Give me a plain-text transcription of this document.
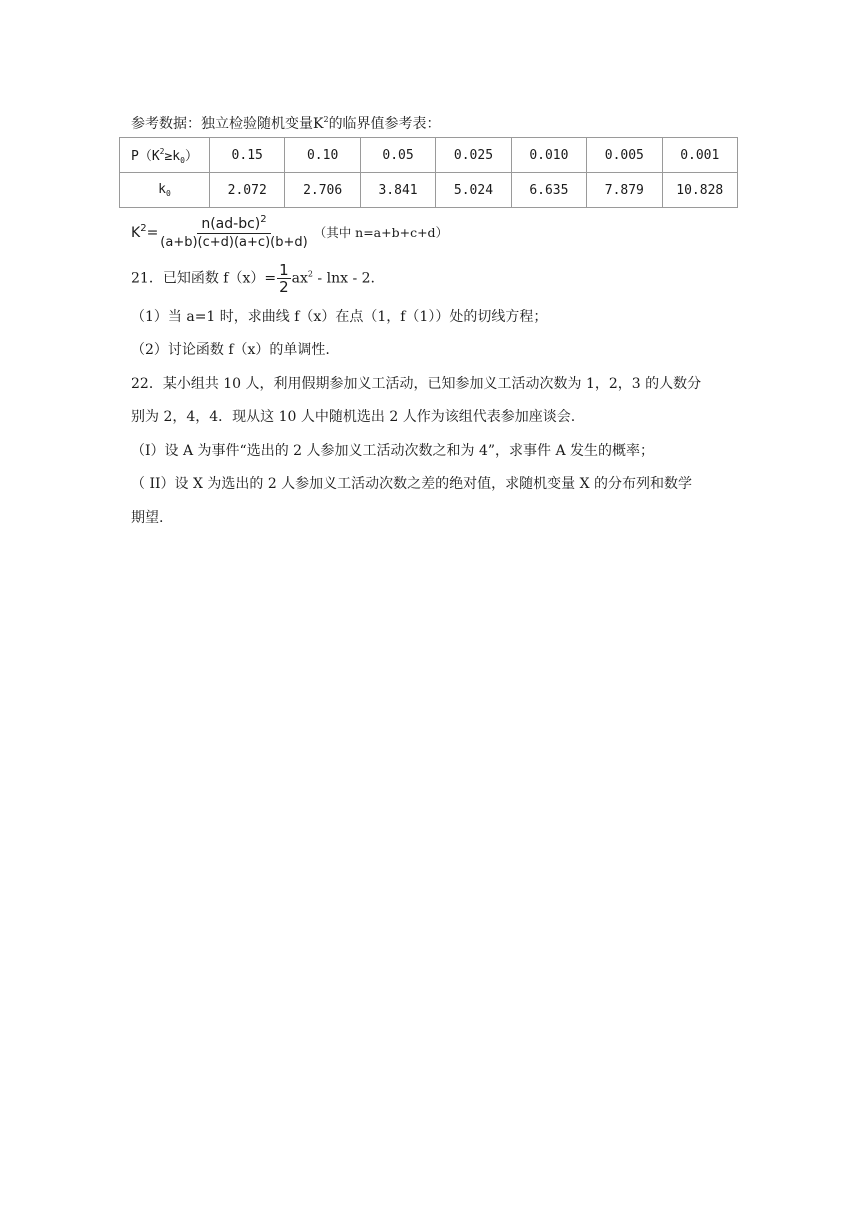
参考数据：独立检验随机变量$K^2$的临界值参考表：
$P(K^2\ge k_0)$	0.15	0.10	0.05	0.025	0.010	0.005	0.001
$k_0$	2.072	2.706	3.841	5.024	6.635	7.879	10.828
$K^2= \frac{n(ad-bc)^2}{(a+b)(c+d)(a+c)(b+d)}$ （其中 n=a+b+c+d）
21．已知函数 $f(x)= \frac{1}{2} ax^2 - \ln x - 2$.
（1）当 a=1 时，求曲线 f（x）在点（1，f（1））处的切线方程；
（2）讨论函数 f（x）的单调性.
22．某小组共 10 人，利用假期参加义工活动，已知参加义工活动次数为 1，2，3 的人数分
别为 2，4，4．现从这 10 人中随机选出 2 人作为该组代表参加座谈会.
（I）设 A 为事件“选出的 2 人参加义工活动次数之和为 4”，求事件 A 发生的概率；
（ II）设 X 为选出的 2 人参加义工活动次数之差的绝对值，求随机变量 X 的分布列和数学
期望.
